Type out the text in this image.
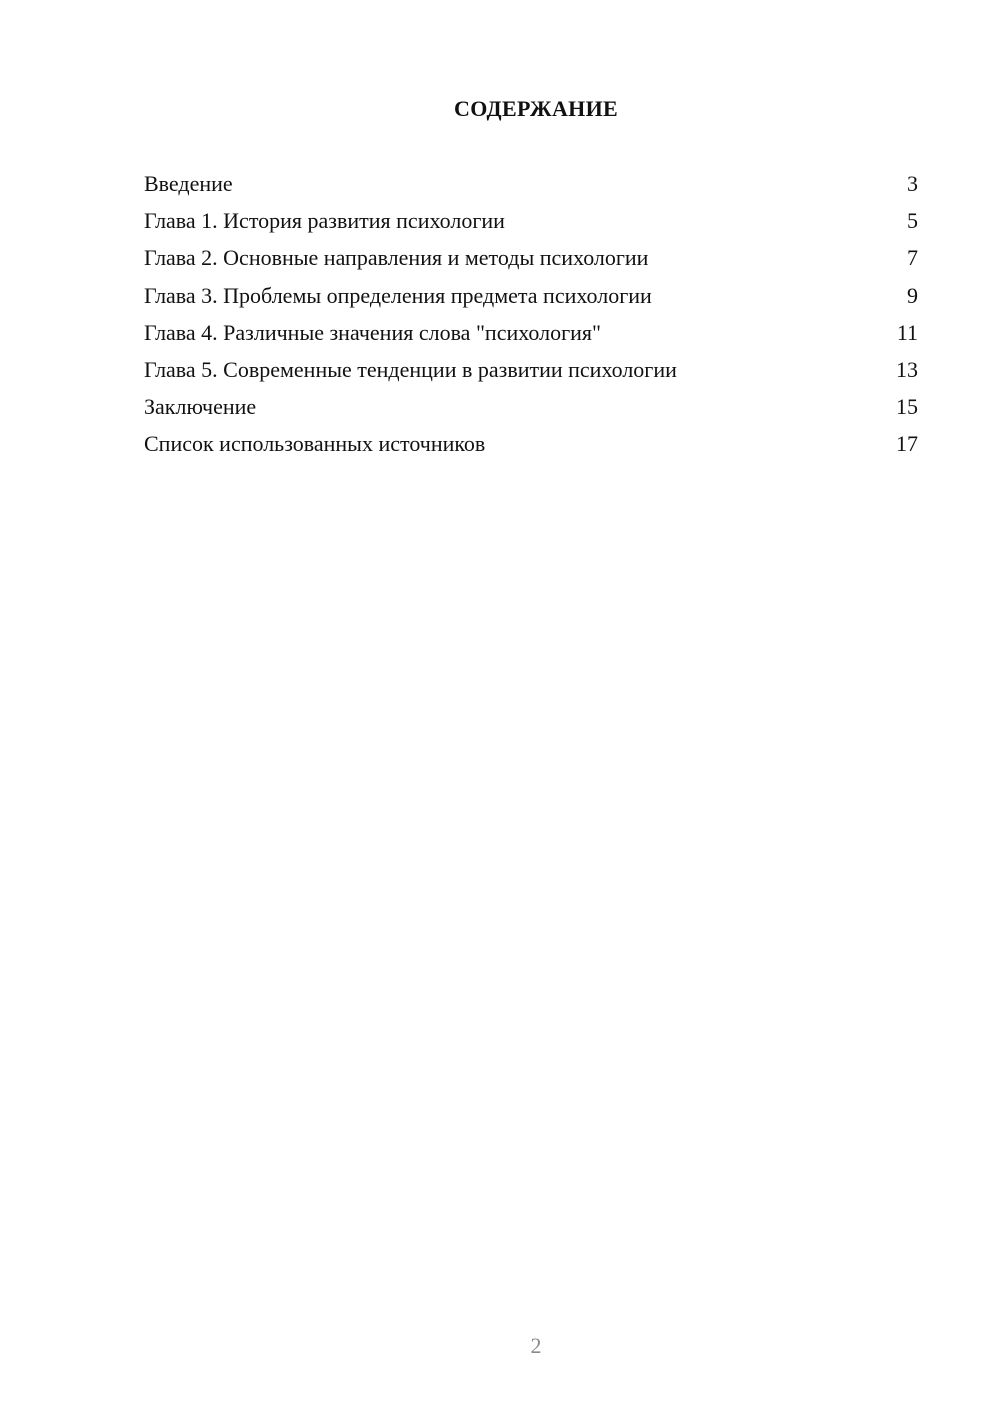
СОДЕРЖАНИЕ
Введение	3
Глава 1. История развития психологии	5
Глава 2. Основные направления и методы психологии	7
Глава 3. Проблемы определения предмета психологии	9
Глава 4. Различные значения слова "психология"	11
Глава 5. Современные тенденции в развитии психологии	13
Заключение	15
Список использованных источников	17
2
